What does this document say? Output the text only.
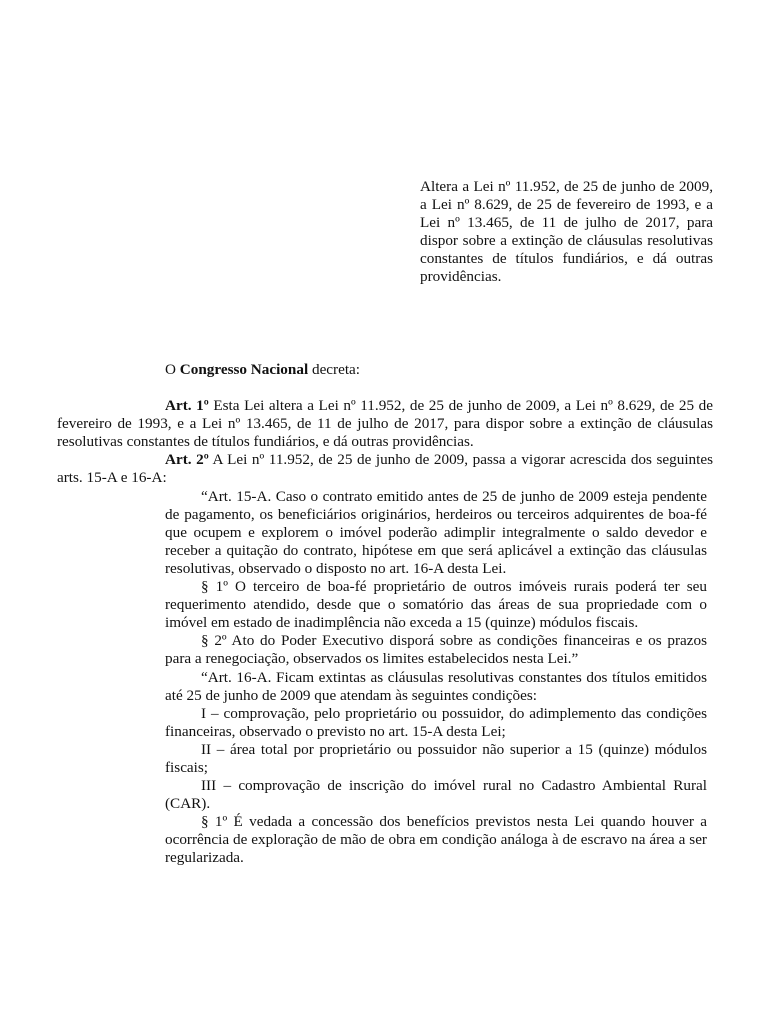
Altera a Lei nº 11.952, de 25 de junho de 2009, a Lei nº 8.629, de 25 de fevereiro de 1993, e a Lei nº 13.465, de 11 de julho de 2017, para dispor sobre a extinção de cláusulas resolutivas constantes de títulos fundiários, e dá outras providências.

O Congresso Nacional decreta:

Art. 1º Esta Lei altera a Lei nº 11.952, de 25 de junho de 2009, a Lei nº 8.629, de 25 de fevereiro de 1993, e a Lei nº 13.465, de 11 de julho de 2017, para dispor sobre a extinção de cláusulas resolutivas constantes de títulos fundiários, e dá outras providências.

Art. 2º A Lei nº 11.952, de 25 de junho de 2009, passa a vigorar acrescida dos seguintes arts. 15-A e 16-A:

“Art. 15-A. Caso o contrato emitido antes de 25 de junho de 2009 esteja pendente de pagamento, os beneficiários originários, herdeiros ou terceiros adquirentes de boa-fé que ocupem e explorem o imóvel poderão adimplir integralmente o saldo devedor e receber a quitação do contrato, hipótese em que será aplicável a extinção das cláusulas resolutivas, observado o disposto no art. 16-A desta Lei.

§ 1º O terceiro de boa-fé proprietário de outros imóveis rurais poderá ter seu requerimento atendido, desde que o somatório das áreas de sua propriedade com o imóvel em estado de inadimplência não exceda a 15 (quinze) módulos fiscais.

§ 2º Ato do Poder Executivo disporá sobre as condições financeiras e os prazos para a renegociação, observados os limites estabelecidos nesta Lei.”

“Art. 16-A. Ficam extintas as cláusulas resolutivas constantes dos títulos emitidos até 25 de junho de 2009 que atendam às seguintes condições:

I – comprovação, pelo proprietário ou possuidor, do adimplemento das condições financeiras, observado o previsto no art. 15-A desta Lei;

II – área total por proprietário ou possuidor não superior a 15 (quinze) módulos fiscais;

III – comprovação de inscrição do imóvel rural no Cadastro Ambiental Rural (CAR).

§ 1º É vedada a concessão dos benefícios previstos nesta Lei quando houver a ocorrência de exploração de mão de obra em condição análoga à de escravo na área a ser regularizada.
